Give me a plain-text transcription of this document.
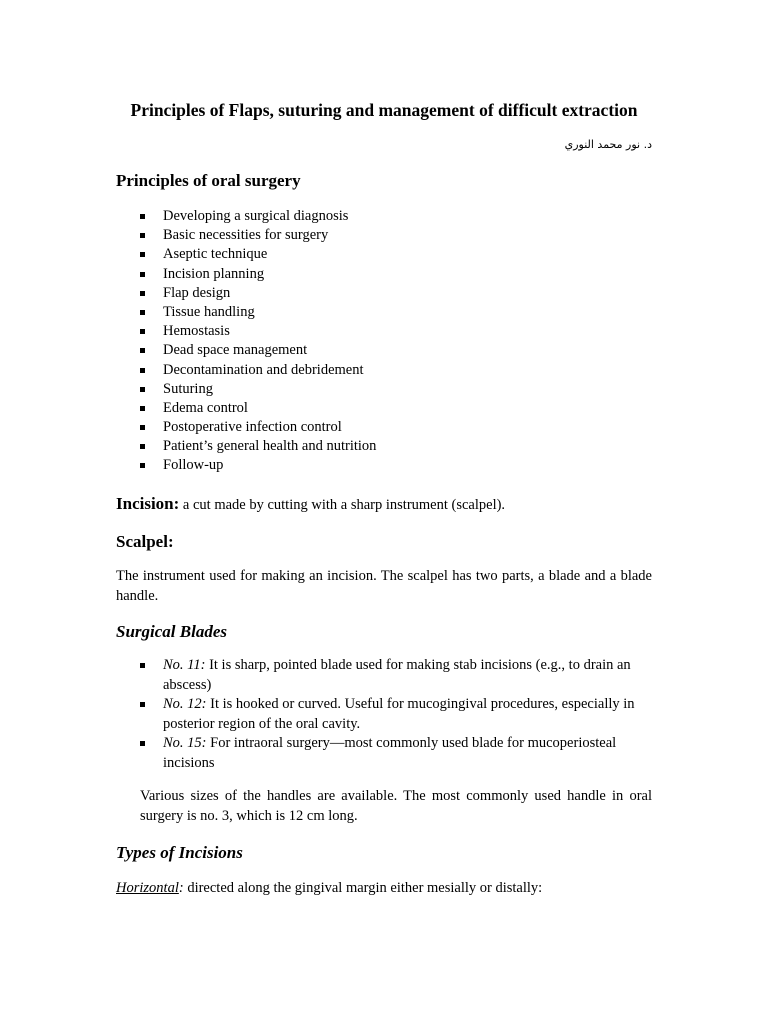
Principles of Flaps, suturing and management of difficult extraction
د. نور محمد النوري
Principles of oral surgery
Developing a surgical diagnosis
Basic necessities for surgery
Aseptic technique
Incision planning
Flap design
Tissue handling
Hemostasis
Dead space management
Decontamination and debridement
Suturing
Edema control
Postoperative infection control
Patient’s general health and nutrition
Follow-up
Incision: a cut made by cutting with a sharp instrument (scalpel).
Scalpel:
The instrument used for making an incision. The scalpel has two parts, a blade and a blade handle.
Surgical Blades
No. 11: It is sharp, pointed blade used for making stab incisions (e.g., to drain an abscess)
No. 12: It is hooked or curved. Useful for mucogingival procedures, especially in posterior region of the oral cavity.
No. 15: For intraoral surgery—most commonly used blade for mucoperiosteal incisions
Various sizes of the handles are available. The most commonly used handle in oral surgery is no. 3, which is 12 cm long.
Types of Incisions
Horizontal: directed along the gingival margin either mesially or distally:
